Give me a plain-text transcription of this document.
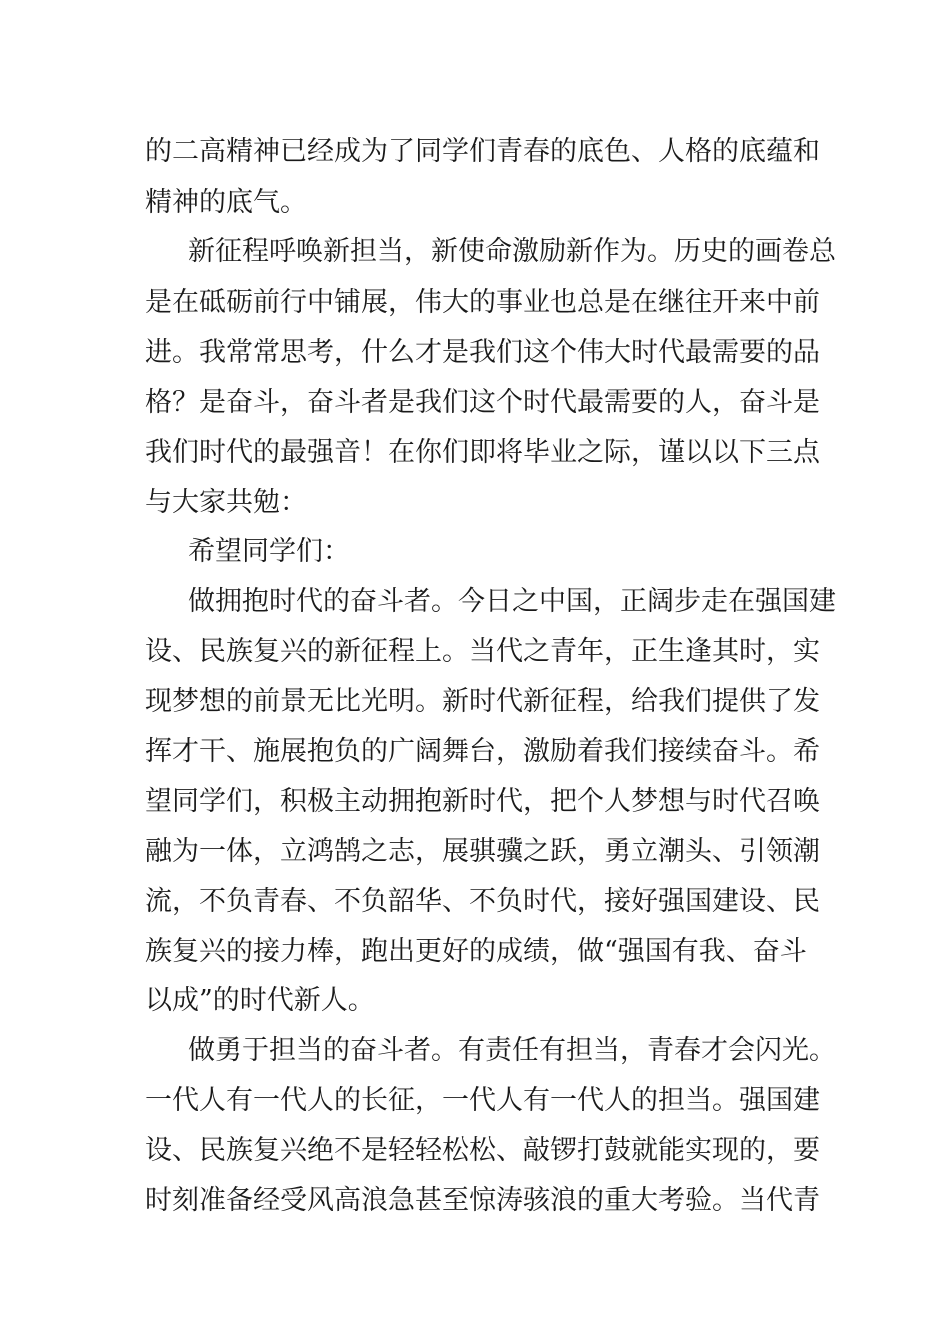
的二高精神已经成为了同学们青春的底色、人格的底蕴和
精神的底气。
新征程呼唤新担当，新使命激励新作为。历史的画卷总
是在砥砺前行中铺展，伟大的事业也总是在继往开来中前
进。我常常思考，什么才是我们这个伟大时代最需要的品
格？是奋斗，奋斗者是我们这个时代最需要的人，奋斗是
我们时代的最强音！在你们即将毕业之际，谨以以下三点
与大家共勉：
希望同学们：
做拥抱时代的奋斗者。今日之中国，正阔步走在强国建
设、民族复兴的新征程上。当代之青年，正生逢其时，实
现梦想的前景无比光明。新时代新征程，给我们提供了发
挥才干、施展抱负的广阔舞台，激励着我们接续奋斗。希
望同学们，积极主动拥抱新时代，把个人梦想与时代召唤
融为一体，立鸿鹄之志，展骐骥之跃，勇立潮头、引领潮
流，不负青春、不负韶华、不负时代，接好强国建设、民
族复兴的接力棒，跑出更好的成绩，做“强国有我、奋斗
以成”的时代新人。
做勇于担当的奋斗者。有责任有担当，青春才会闪光。
一代人有一代人的长征，一代人有一代人的担当。强国建
设、民族复兴绝不是轻轻松松、敲锣打鼓就能实现的，要
时刻准备经受风高浪急甚至惊涛骇浪的重大考验。当代青
